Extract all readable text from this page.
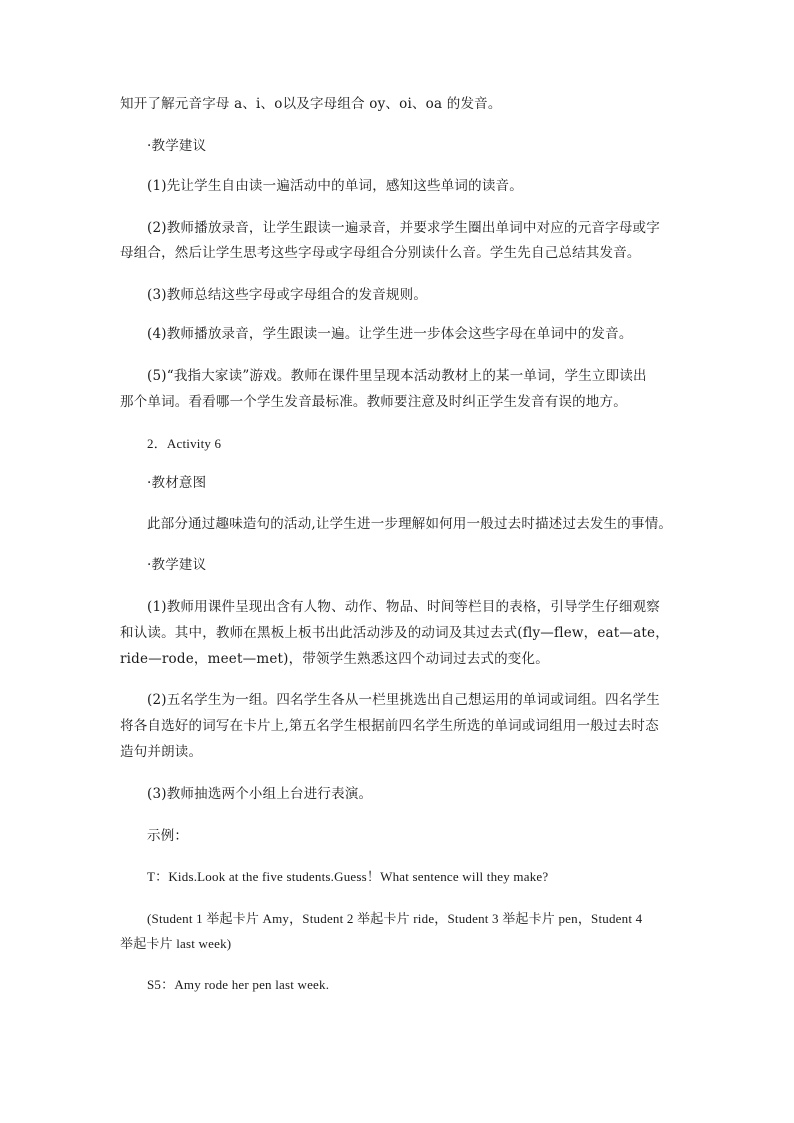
知开了解元音字母 a、i、o以及字母组合 oy、oi、oa 的发音。
·教学建议
(1)先让学生自由读一遍活动中的单词，感知这些单词的读音。
(2)教师播放录音，让学生跟读一遍录音，并要求学生圈出单词中对应的元音字母或字
母组合，然后让学生思考这些字母或字母组合分别读什么音。学生先自己总结其发音。
(3)教师总结这些字母或字母组合的发音规则。
(4)教师播放录音，学生跟读一遍。让学生进一步体会这些字母在单词中的发音。
(5)“我指大家读”游戏。教师在课件里呈现本活动教材上的某一单词，学生立即读出
那个单词。看看哪一个学生发音最标准。教师要注意及时纠正学生发音有误的地方。
2．Activity 6
·教材意图
此部分通过趣味造句的活动,让学生进一步理解如何用一般过去时描述过去发生的事情。
·教学建议
(1)教师用课件呈现出含有人物、动作、物品、时间等栏目的表格，引导学生仔细观察
和认读。其中，教师在黑板上板书出此活动涉及的动词及其过去式(fly—flew，eat—ate，
ride—rode，meet—met)，带领学生熟悉这四个动词过去式的变化。
(2)五名学生为一组。四名学生各从一栏里挑选出自己想运用的单词或词组。四名学生
将各自选好的词写在卡片上,第五名学生根据前四名学生所选的单词或词组用一般过去时态
造句并朗读。
(3)教师抽选两个小组上台进行表演。
示例：
T：Kids.Look at the five students.Guess！What sentence will they make?
(Student 1 举起卡片 Amy，Student 2 举起卡片 ride，Student 3 举起卡片 pen，Student 4
举起卡片 last week)
S5：Amy rode her pen last week.
